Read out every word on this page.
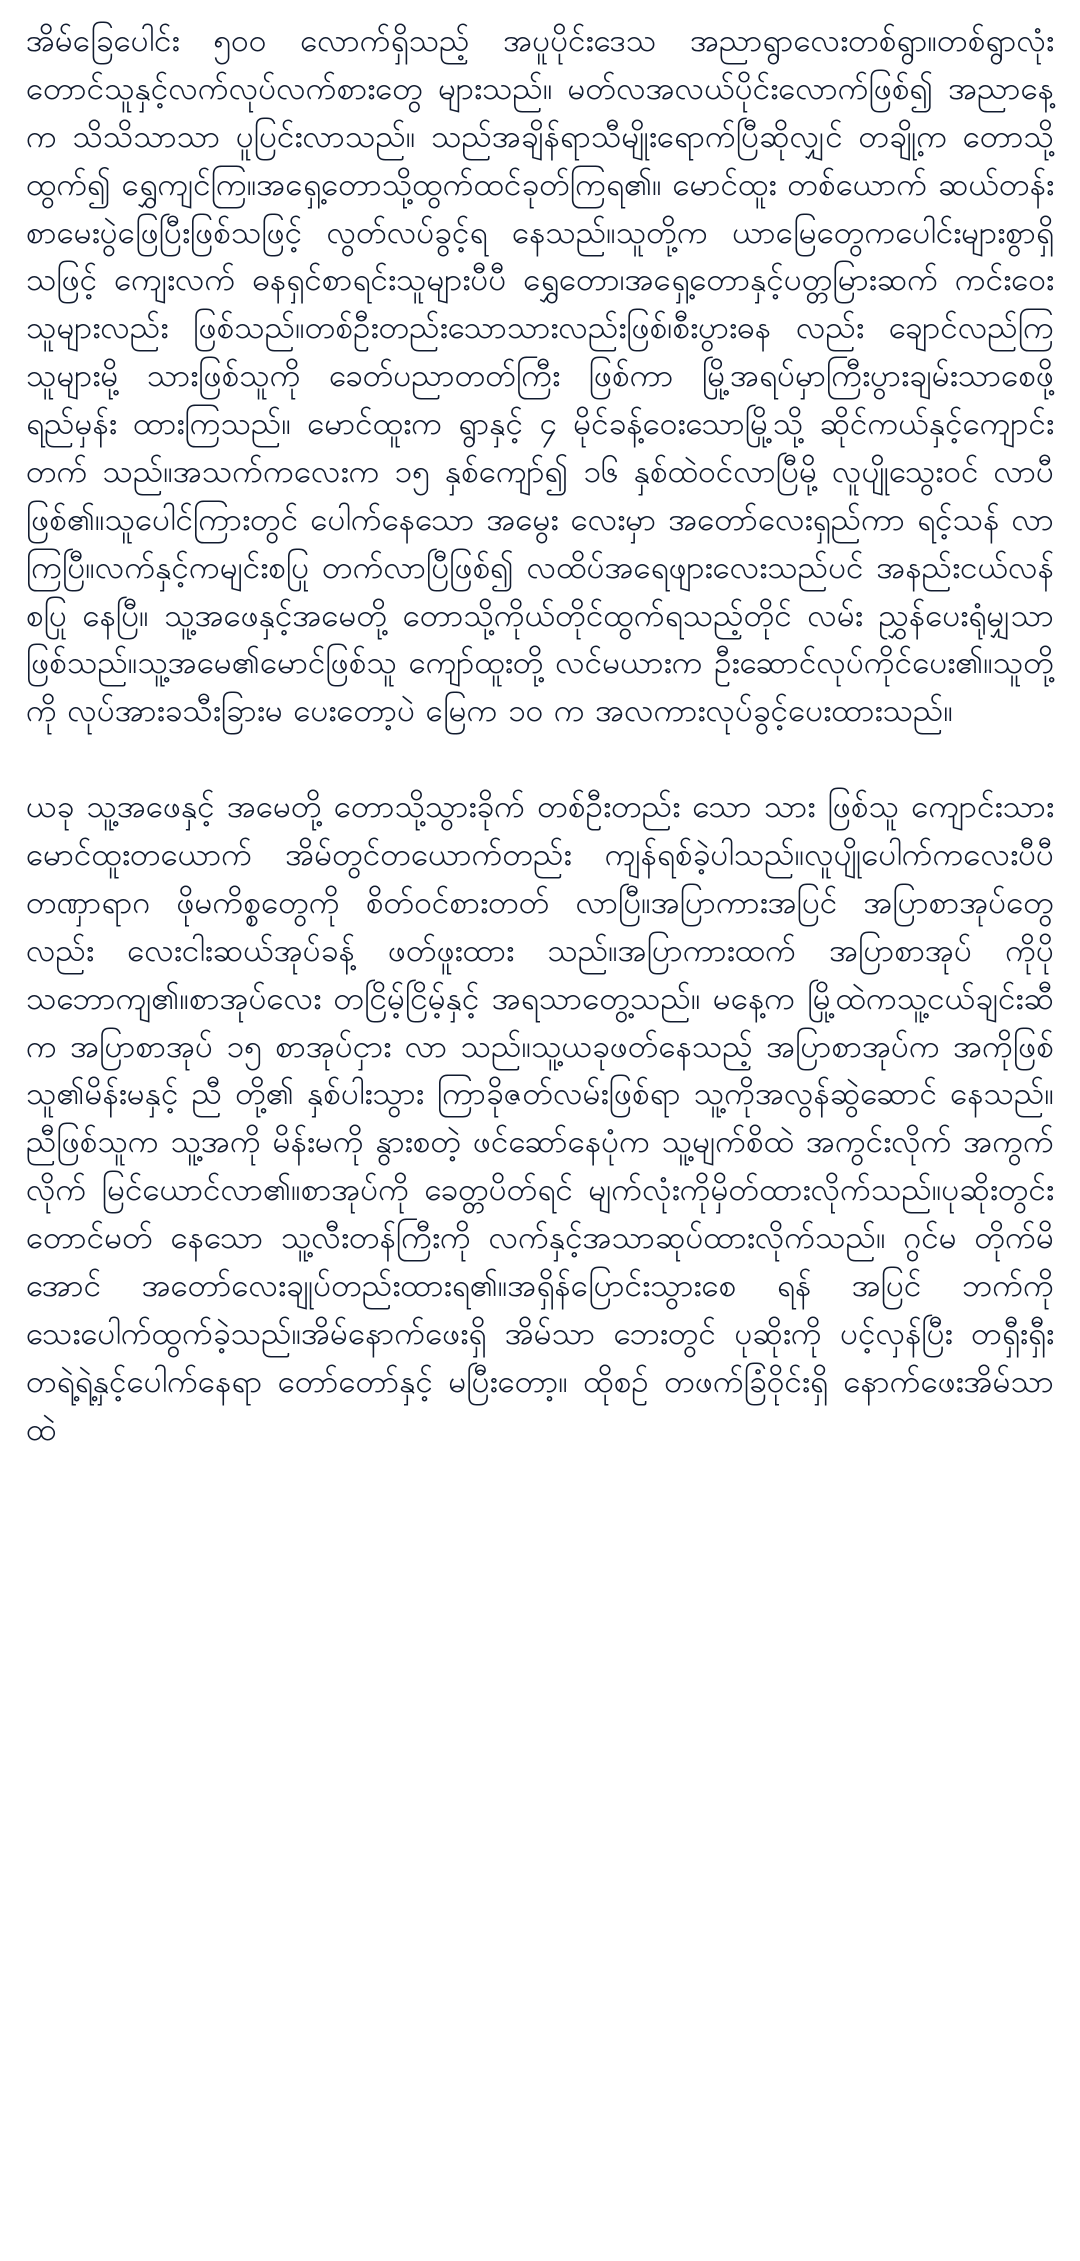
အိမ်ခြေပေါင်း ၅၀၀ လောက်ရှိသည့် အပူပိုင်းဒေသ အညာရွာလေးတစ်ရွာ။တစ်ရွာလုံး တောင်သူနှင့်လက်လုပ်လက်စားတွေ များသည်။ မတ်လအလယ်ပိုင်းလောက်ဖြစ်၍ အညာနေ့က သိသိသာသာ ပူပြင်းလာသည်။ သည်အချိန်ရာသီမျိုးရောက်ပြီဆိုလျှင် တချို့က တောသို့ ထွက်၍ ရွှေကျင်ကြ။အရှေ့တောသို့ထွက်ထင်ခုတ်ကြရ၏။ မောင်ထူး တစ်ယောက် ဆယ်တန်းစာမေးပွဲဖြေပြီးဖြစ်သဖြင့် လွတ်လပ်ခွင့်ရ နေသည်။သူတို့က ယာမြေတွေကပေါင်းများစွာရှိသဖြင့် ကျေးလက် ဓနရှင်စာရင်းသူများပီပီ ရွှေတော၊အရှေ့တောနှင့်ပတ္တမြားဆက် ကင်းဝေး သူများလည်း ဖြစ်သည်။တစ်ဦးတည်းသောသားလည်းဖြစ်၊စီးပွားဓန လည်း ချောင်လည်ကြသူများမို့ သားဖြစ်သူကို ခေတ်ပညာတတ်ကြီး ဖြစ်ကာ မြို့အရပ်မှာကြီးပွားချမ်းသာစေဖို့ ရည်မှန်း ထားကြသည်။ မောင်ထူးက ရွာနှင့် ၄ မိုင်ခန့်ဝေးသောမြို့သို့ ဆိုင်ကယ်နှင့်ကျောင်း တက် သည်။အသက်ကလေးက ၁၅ နှစ်ကျော်၍ ၁၆ နှစ်ထဲဝင်လာပြီမို့ လူပျိုသွေးဝင် လာပီ ဖြစ်၏။သူပေါင်ကြားတွင် ပေါက်နေသော အမွေး လေးမှာ အတော်လေးရှည်ကာ ရင့်သန် လာကြပြီ။လက်နှင့်ကမျင်းစပြု တက်လာပြီဖြစ်၍ လထိပ်အရေဖျားလေးသည်ပင် အနည်းငယ်လန်စပြု နေပြီ။ သူ့အဖေနှင့်အမေတို့ တောသို့ကိုယ်တိုင်ထွက်ရသည့်တိုင် လမ်း ညွှန်ပေးရုံမျှသာဖြစ်သည်။သူ့အမေ၏မောင်ဖြစ်သူ ကျော်ထူးတို့ လင်မယားက ဦးဆောင်လုပ်ကိုင်ပေး၏။သူတို့ကို လုပ်အားခသီးခြားမ ပေးတော့ပဲ မြေက ၁၀ က အလကားလုပ်ခွင့်ပေးထားသည်။

ယခု သူ့အဖေနှင့် အမေတို့ တောသို့သွားခိုက် တစ်ဦးတည်း သော သား ဖြစ်သူ ကျောင်းသားမောင်ထူးတယောက် အိမ်တွင်တယောက်တည်း ကျန်ရစ်ခဲ့ပါသည်။လူပျိုပေါက်ကလေးပီပီ တဏှာရာဂ ဖိုမကိစ္စတွေကို စိတ်ဝင်စားတတ် လာပြီ။အပြာကားအပြင် အပြာစာအုပ်တွေလည်း လေးငါးဆယ်အုပ်ခန့် ဖတ်ဖူးထား သည်။အပြာကားထက် အပြာစာအုပ် ကိုပိုသဘောကျ၏။စာအုပ်လေး တငြိမ့်ငြိမ့်နှင့် အရသာတွေ့သည်။ မနေ့က မြို့ထဲကသူ့ငယ်ချင်းဆီက အပြာစာအုပ် ၁၅ စာအုပ်ငှား လာ သည်။သူ့ယခုဖတ်နေသည့် အပြာစာအုပ်က အကိုဖြစ်သူ၏မိန်းမနှင့် ညီ တို့၏ နှစ်ပါးသွား ကြာခိုဇတ်လမ်းဖြစ်ရာ သူ့ကိုအလွန်ဆွဲဆောင် နေသည်။ညီဖြစ်သူက သူ့အကို မိန်းမကို နွားစတဲ့ ဖင်ဆော်နေပုံက သူ့မျက်စိထဲ အကွင်းလိုက် အကွက်လိုက် မြင်ယောင်လာ၏။စာအုပ်ကို ခေတ္တပိတ်ရင် မျက်လုံးကိုမှိတ်ထားလိုက်သည်။ပုဆိုးတွင်း တောင်မတ် နေသော သူ့လီးတန်ကြီးကို လက်နှင့်အသာဆုပ်ထားလိုက်သည်။ ဂွင်မ တိုက်မိအောင် အတော်လေးချုပ်တည်းထားရ၏။အရှိန်ပြောင်းသွားစေ ရန် အပြင် ဘက်ကို သေးပေါက်ထွက်ခဲ့သည်။အိမ်နောက်ဖေးရှိ အိမ်သာ ဘေးတွင် ပုဆိုးကို ပင့်လှန်ပြီး တရှီးရှီး တရဲ့ရဲ့နှင့်ပေါက်နေရာ တော်တော်နှင့် မပြီးတော့။ ထိုစဉ် တဖက်ခြံဝိုင်းရှိ နောက်ဖေးအိမ်သာထဲ
